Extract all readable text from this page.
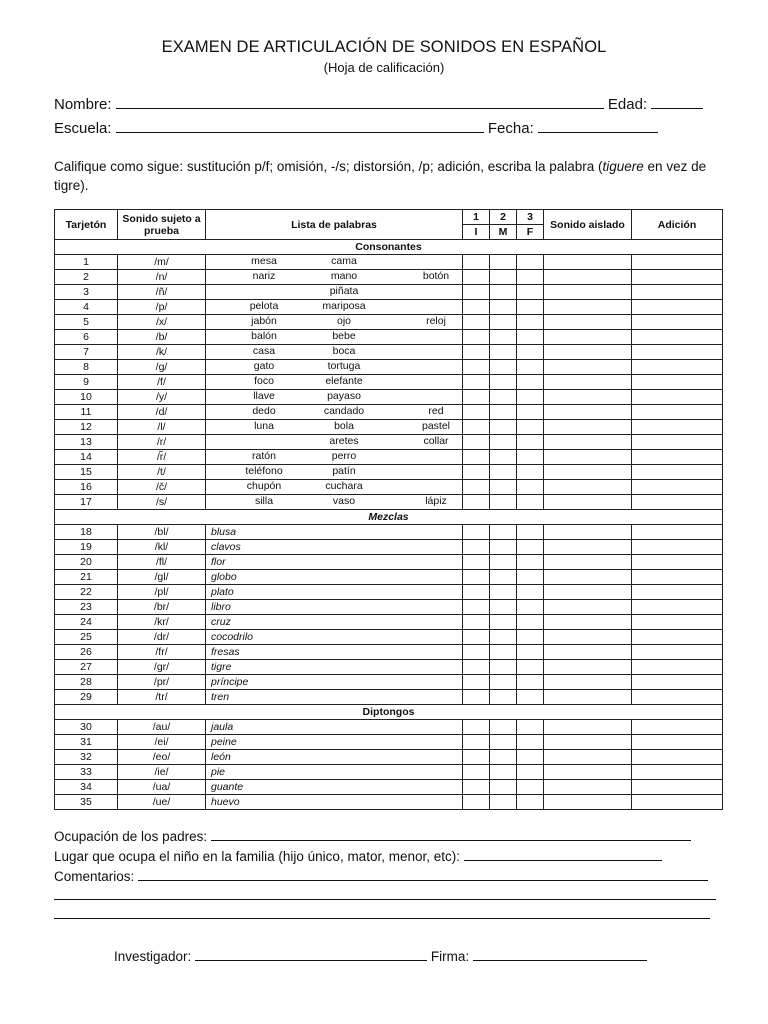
EXAMEN DE ARTICULACIÓN DE SONIDOS EN ESPAÑOL
(Hoja de calificación)
Nombre:	Edad:
Escuela:	Fecha:
Califique como sigue: sustitución p/f; omisión, -/s; distorsión, /p; adición, escriba la palabra (tiguere en vez de tigre).
Tarjetón	Sonido sujeto a prueba	Lista de palabras	1	2	3	Sonido aislado	Adición
			I	M	F		
Consonantes							
1	/m/	mesa cama					

2	/n/	nariz mano botón					

3	/ñ/	piñata					

4	/p/	pelota mariposa					

5	/x/	jabón ojo reloj					

6	/b/	balón bebe					

7	/k/	casa boca					

8	/g/	gato tortuga					

9	/f/	foco elefante					

10	/y/	llave payaso					

11	/d/	dedo candado red					

12	/l/	luna bola pastel					

13	/r/	aretes collar					

14	/r̃/	ratón perro					

15	/t/	teléfono patín					

16	/č/	chupón cuchara					

17	/s/	silla vaso lápiz					

Mezclas							
18	/bl/	blusa					
19	/kl/	clavos					
20	/fl/	flor					
21	/gl/	globo					
22	/pl/	plato					
23	/br/	libro					
24	/kr/	cruz					
25	/dr/	cocodrilo					
26	/fr/	fresas					
27	/gr/	tigre					
28	/pr/	príncipe					
29	/tr/	tren					
Diptongos							
30	/au/	jaula					
31	/ei/	peine					
32	/eo/	león					
33	/ie/	pie					
34	/ua/	guante					
35	/ue/	huevo					
Ocupación de los padres:
Lugar que ocupa el niño en la familia (hijo único, mator, menor, etc):
Comentarios:
Investigador:	Firma:
